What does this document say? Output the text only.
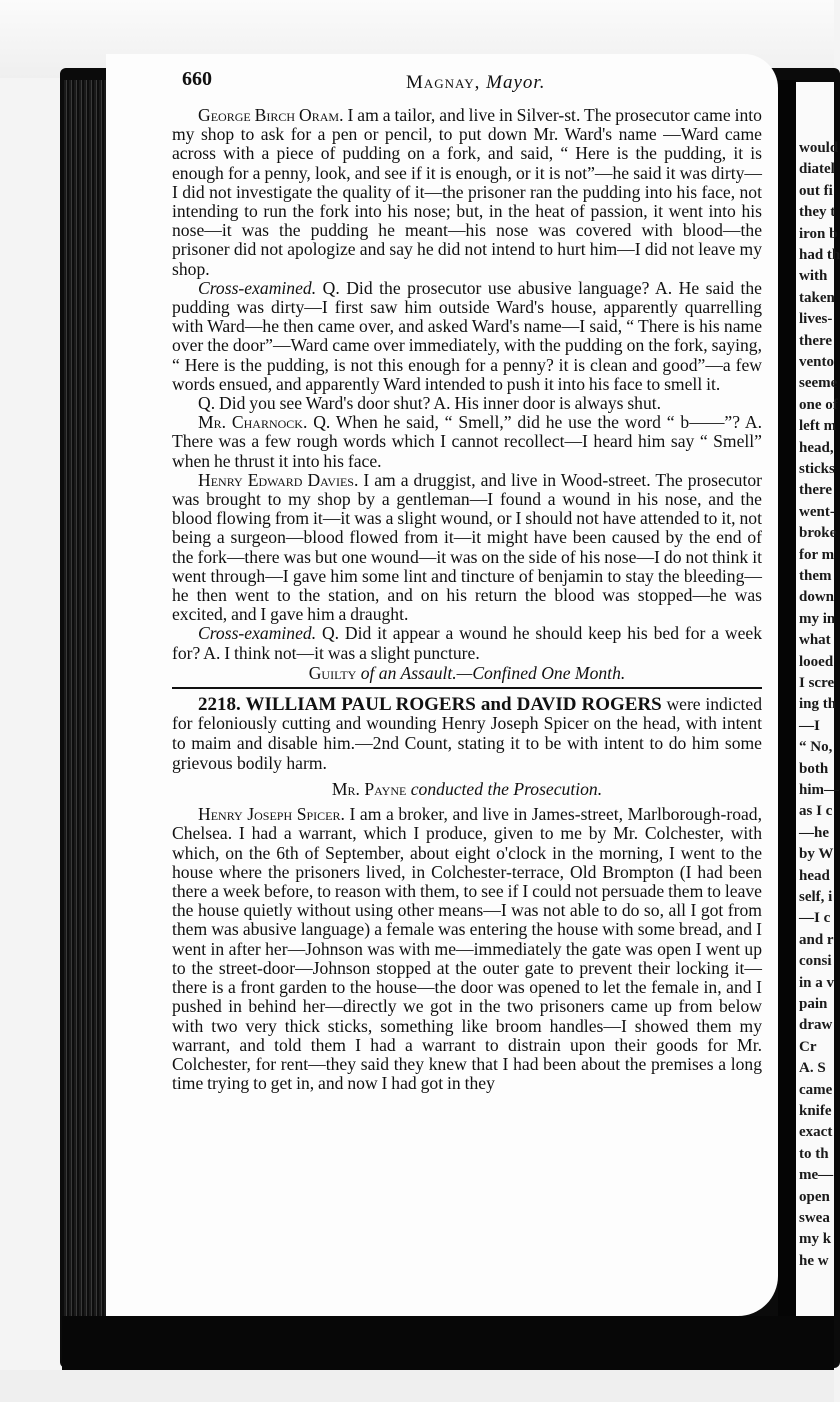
would
diatel
out fi
they t
iron b
had th
with
taken
lives-
there
vento
seeme
one of
left m
head,
sticks
there
went-
broke
for m
them
down
my in
what
looed
I scre
ing th
—I
“ No,
both
him—
as I c
—he
by W
head
self, i
—I c
and r
consi
in a v
pain
draw
Cr
A. S
came
knife
exact
to th
me—
open
swea
my k
he w
660	Magnay, Mayor.

George Birch Oram. I am a tailor, and live in Silver-st. The prosecutor came into my shop to ask for a pen or pencil, to put down Mr. Ward's name —Ward came across with a piece of pudding on a fork, and said, “ Here is the pudding, it is enough for a penny, look, and see if it is enough, or it is not”—he said it was dirty—I did not investigate the quality of it—the prisoner ran the pudding into his face, not intending to run the fork into his nose; but, in the heat of passion, it went into his nose—it was the pudding he meant—his nose was covered with blood—the prisoner did not apologize and say he did not intend to hurt him—I did not leave my shop.

Cross-examined. Q. Did the prosecutor use abusive language? A. He said the pudding was dirty—I first saw him outside Ward's house, apparently quarrelling with Ward—he then came over, and asked Ward's name—I said, “ There is his name over the door”—Ward came over immediately, with the pudding on the fork, saying, “ Here is the pudding, is not this enough for a penny? it is clean and good”—a few words ensued, and apparently Ward intended to push it into his face to smell it.

Q. Did you see Ward's door shut? A. His inner door is always shut.

Mr. Charnock. Q. When he said, “ Smell,” did he use the word “ b——”? A. There was a few rough words which I cannot recollect—I heard him say “ Smell” when he thrust it into his face.

Henry Edward Davies. I am a druggist, and live in Wood-street. The prosecutor was brought to my shop by a gentleman—I found a wound in his nose, and the blood flowing from it—it was a slight wound, or I should not have attended to it, not being a surgeon—blood flowed from it—it might have been caused by the end of the fork—there was but one wound—it was on the side of his nose—I do not think it went through—I gave him some lint and tincture of benjamin to stay the bleeding—he then went to the station, and on his return the blood was stopped—he was excited, and I gave him a draught.

Cross-examined. Q. Did it appear a wound he should keep his bed for a week for? A. I think not—it was a slight puncture.

Guilty of an Assault.—Confined One Month.

2218. WILLIAM PAUL ROGERS and DAVID ROGERS were indicted for feloniously cutting and wounding Henry Joseph Spicer on the head, with intent to maim and disable him.—2nd Count, stating it to be with intent to do him some grievous bodily harm.

Mr. Payne conducted the Prosecution.

Henry Joseph Spicer. I am a broker, and live in James-street, Marlborough-road, Chelsea. I had a warrant, which I produce, given to me by Mr. Colchester, with which, on the 6th of September, about eight o'clock in the morning, I went to the house where the prisoners lived, in Colchester-terrace, Old Brompton (I had been there a week before, to reason with them, to see if I could not persuade them to leave the house quietly without using other means—I was not able to do so, all I got from them was abusive language) a female was entering the house with some bread, and I went in after her—Johnson was with me—immediately the gate was open I went up to the street-door—Johnson stopped at the outer gate to prevent their locking it—there is a front garden to the house—the door was opened to let the female in, and I pushed in behind her—directly we got in the two prisoners came up from below with two very thick sticks, something like broom handles—I showed them my warrant, and told them I had a warrant to distrain upon their goods for Mr. Colchester, for rent—they said they knew that I had been about the premises a long time trying to get in, and now I had got in they
